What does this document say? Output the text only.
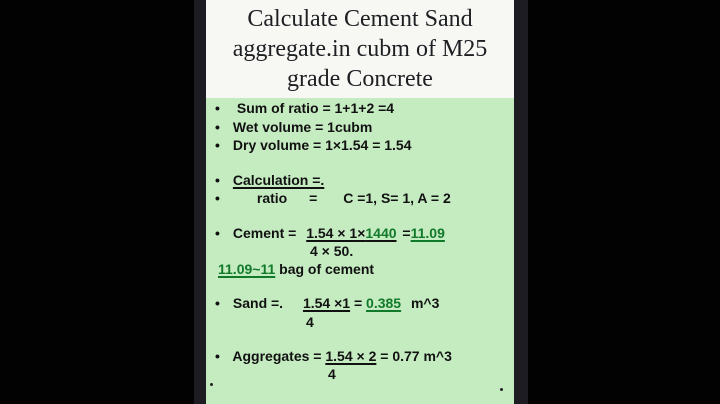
Calculate Cement Sand
aggregate.in cubm of M25
grade Concrete
• Sum of ratio = 1+1+2 =4
• Wet volume = 1cubm
• Dry volume = 1×1.54 = 1.54
• Calculation =.
•	ratio = C =1, S= 1, A = 2
• Cement = 1.54 × 1×1440 =11.09
4 × 50.
11.09~11 bag of cement
• Sand =. 1.54 ×1 = 0.385 m^3
4
• Aggregates = 1.54 × 2 = 0.77 m^3
4
